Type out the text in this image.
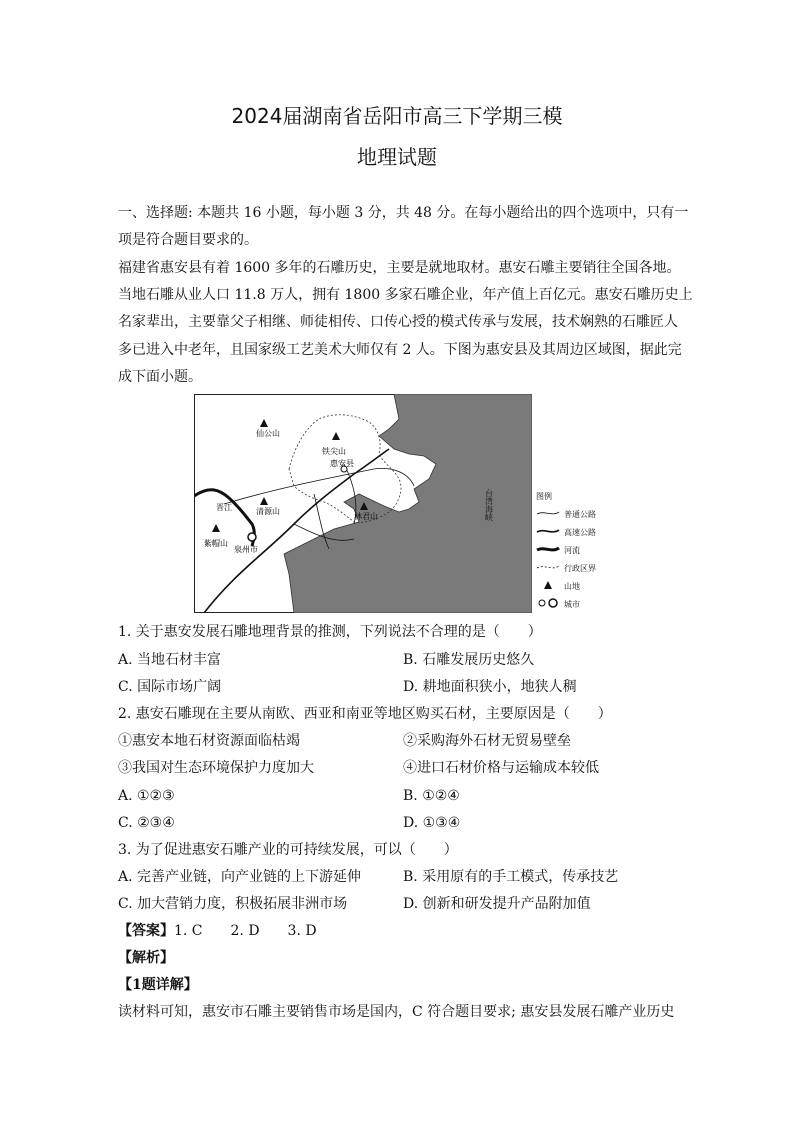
2024届湖南省岳阳市高三下学期三模
地理试题
一、选择题: 本题共 16 小题，每小题 3 分，共 48 分。在每小题给出的四个选项中，只有一
项是符合题目要求的。
福建省惠安县有着 1600 多年的石雕历史，主要是就地取材。惠安石雕主要销往全国各地。
当地石雕从业人口 11.8 万人，拥有 1800 多家石雕企业，年产值上百亿元。惠安石雕历史上
名家辈出，主要靠父子相继、师徒相传、口传心授的模式传承与发展，技术娴熟的石雕匠人
多已进入中老年，且国家级工艺美术大师仅有 2 人。下图为惠安县及其周边区域图，据此完
成下面小题。
仙公山
铁尖山
惠安县
清源山
林君山
紫帽山
泉州市
晋江	台湾海峡	图例
普通公路
高速公路
河流
行政区界
山地
城市
1. 关于惠安发展石雕地理背景的推测，下列说法不合理的是（　　）
A. 当地石材丰富	B. 石雕发展历史悠久
C. 国际市场广阔	D. 耕地面积狭小，地狭人稠
2. 惠安石雕现在主要从南欧、西亚和南亚等地区购买石材，主要原因是（　　）
①惠安本地石材资源面临枯竭	②采购海外石材无贸易壁垒
③我国对生态环境保护力度加大	④进口石材价格与运输成本较低
A. ①②③	B. ①②④
C. ②③④	D. ①③④
3. 为了促进惠安石雕产业的可持续发展，可以（　　）
A. 完善产业链，向产业链的上下游延伸	B. 采用原有的手工模式，传承技艺
C. 加大营销力度，积极拓展非洲市场	D. 创新和研发提升产品附加值
【答案】1. C　　2. D　　3. D
【解析】
【1题详解】
读材料可知，惠安市石雕主要销售市场是国内，C 符合题目要求; 惠安县发展石雕产业历史
